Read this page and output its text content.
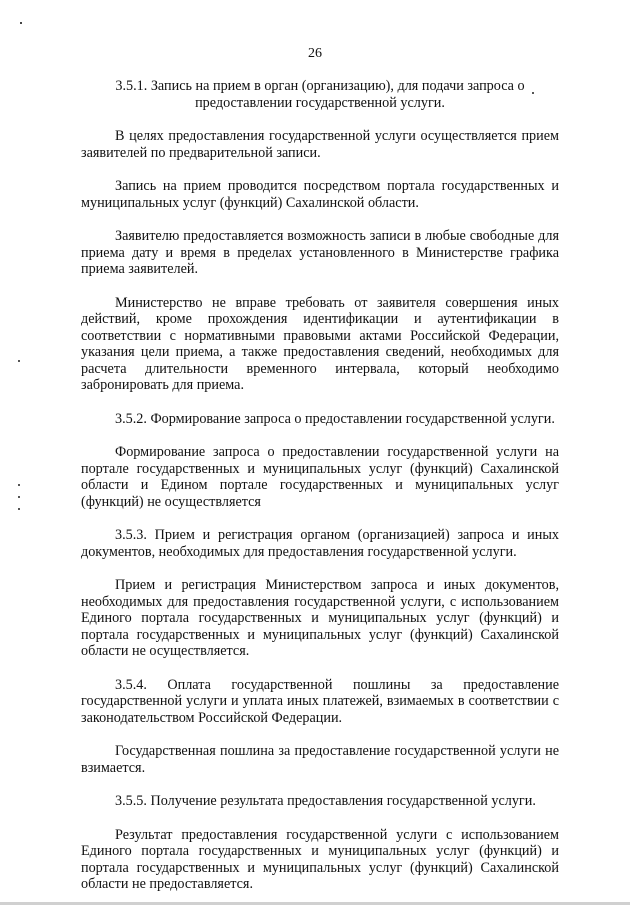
26

3.5.1. Запись на прием в орган (организацию), для подачи запроса о предоставлении государственной услуги.

В целях предоставления государственной услуги осуществляется прием заявителей по предварительной записи.

Запись на прием проводится посредством портала государственных и муниципальных услуг (функций) Сахалинской области.

Заявителю предоставляется возможность записи в любые свободные для приема дату и время в пределах установленного в Министерстве графика приема заявителей.

Министерство не вправе требовать от заявителя совершения иных действий, кроме прохождения идентификации и аутентификации в соответствии с нормативными правовыми актами Российской Федерации, указания цели приема, а также предоставления сведений, необходимых для расчета длительности временного интервала, который необходимо забронировать для приема.

3.5.2. Формирование запроса о предоставлении государственной услуги.

Формирование запроса о предоставлении государственной услуги на портале государственных и муниципальных услуг (функций) Сахалинской области и Едином портале государственных и муниципальных услуг (функций) не осуществляется

3.5.3. Прием и регистрация органом (организацией) запроса и иных документов, необходимых для предоставления государственной услуги.

Прием и регистрация Министерством запроса и иных документов, необходимых для предоставления государственной услуги, с использованием Единого портала государственных и муниципальных услуг (функций) и портала государственных и муниципальных услуг (функций) Сахалинской области не осуществляется.

3.5.4. Оплата государственной пошлины за предоставление государственной услуги и уплата иных платежей, взимаемых в соответствии с законодательством Российской Федерации.

Государственная пошлина за предоставление государственной услуги не взимается.

3.5.5. Получение результата предоставления государственной услуги.

Результат предоставления государственной услуги с использованием Единого портала государственных и муниципальных услуг (функций) и портала государственных и муниципальных услуг (функций) Сахалинской области не предоставляется.
